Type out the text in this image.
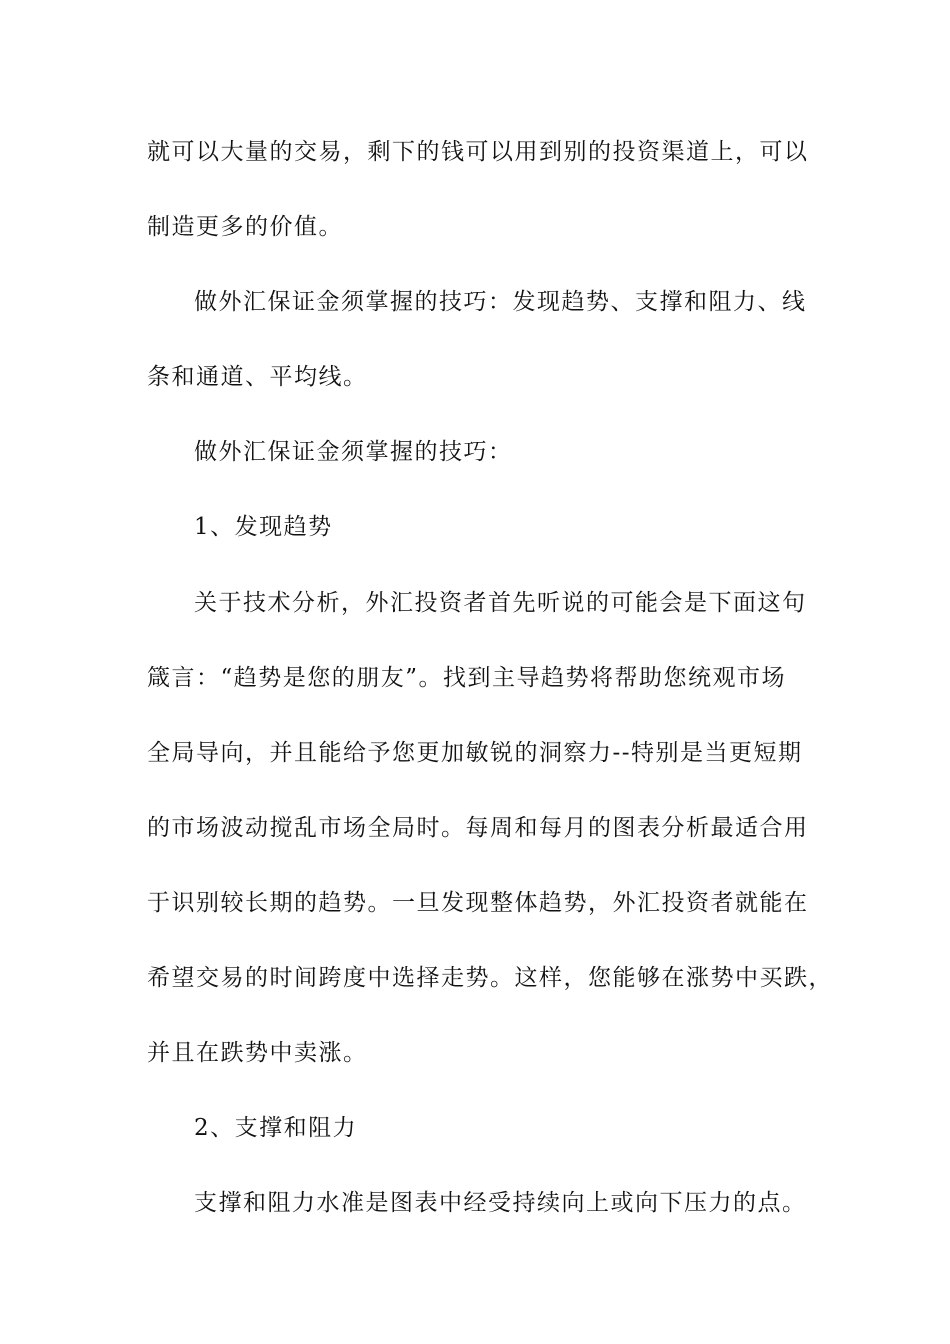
就可以大量的交易，剩下的钱可以用到别的投资渠道上，可以

制造更多的价值。

做外汇保证金须掌握的技巧：发现趋势、支撑和阻力、线

条和通道、平均线。

做外汇保证金须掌握的技巧：

1、发现趋势

关于技术分析，外汇投资者首先听说的可能会是下面这句

箴言：“趋势是您的朋友”。找到主导趋势将帮助您统观市场

全局导向，并且能给予您更加敏锐的洞察力--特别是当更短期

的市场波动搅乱市场全局时。每周和每月的图表分析最适合用

于识别较长期的趋势。一旦发现整体趋势，外汇投资者就能在

希望交易的时间跨度中选择走势。这样，您能够在涨势中买跌，

并且在跌势中卖涨。

2、支撑和阻力

支撑和阻力水准是图表中经受持续向上或向下压力的点。
